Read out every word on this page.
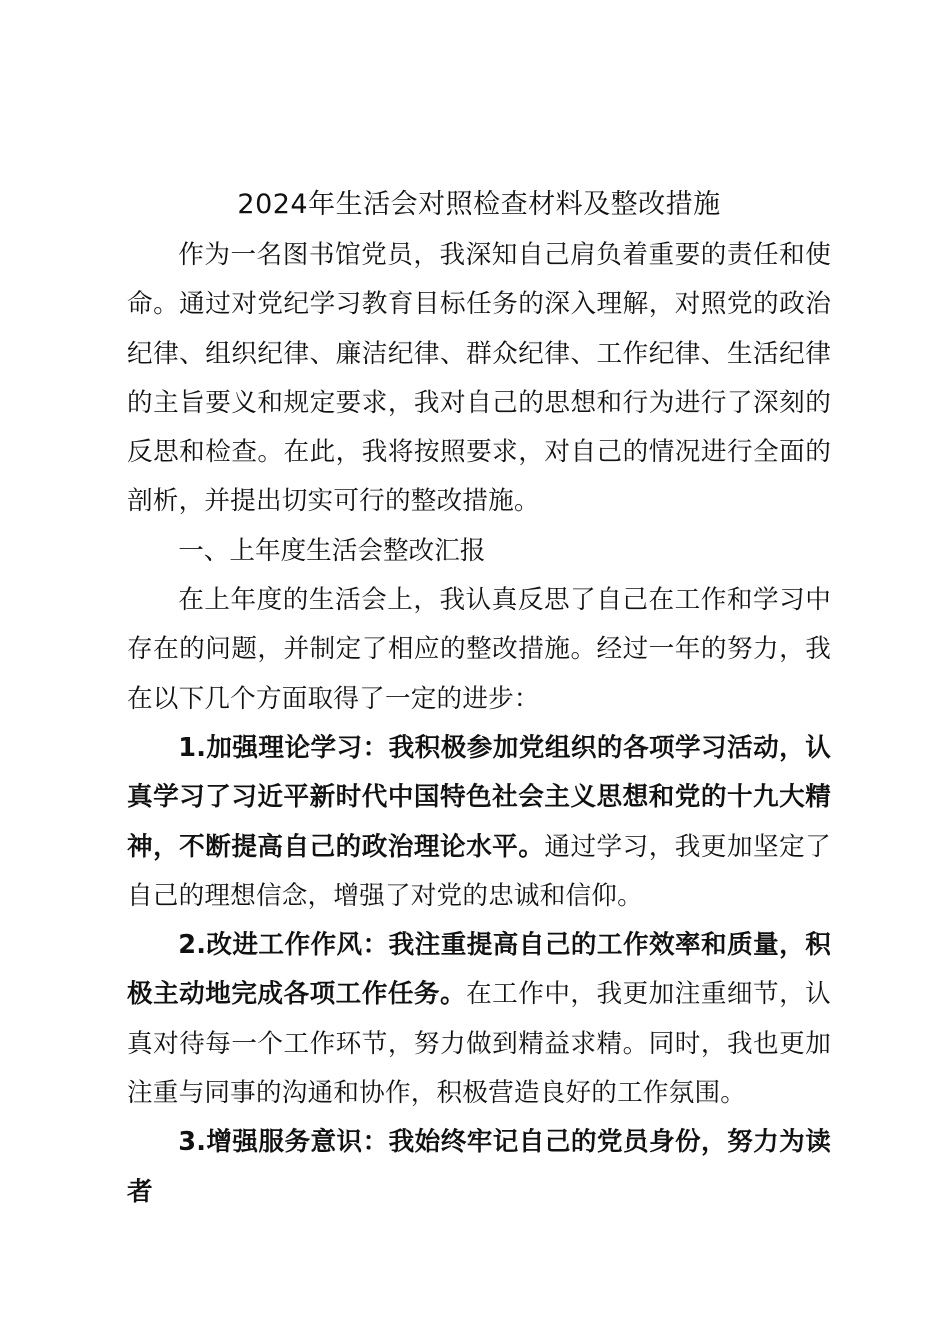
2024年生活会对照检查材料及整改措施

作为一名图书馆党员，我深知自己肩负着重要的责任和使命。通过对党纪学习教育目标任务的深入理解，对照党的政治纪律、组织纪律、廉洁纪律、群众纪律、工作纪律、生活纪律的主旨要义和规定要求，我对自己的思想和行为进行了深刻的反思和检查。在此，我将按照要求，对自己的情况进行全面的剖析，并提出切实可行的整改措施。

一、上年度生活会整改汇报

在上年度的生活会上，我认真反思了自己在工作和学习中存在的问题，并制定了相应的整改措施。经过一年的努力，我在以下几个方面取得了一定的进步：

1.加强理论学习：我积极参加党组织的各项学习活动，认真学习了习近平新时代中国特色社会主义思想和党的十九大精神，不断提高自己的政治理论水平。通过学习，我更加坚定了自己的理想信念，增强了对党的忠诚和信仰。

2.改进工作作风：我注重提高自己的工作效率和质量，积极主动地完成各项工作任务。在工作中，我更加注重细节，认真对待每一个工作环节，努力做到精益求精。同时，我也更加注重与同事的沟通和协作，积极营造良好的工作氛围。

3.增强服务意识：我始终牢记自己的党员身份，努力为读者
